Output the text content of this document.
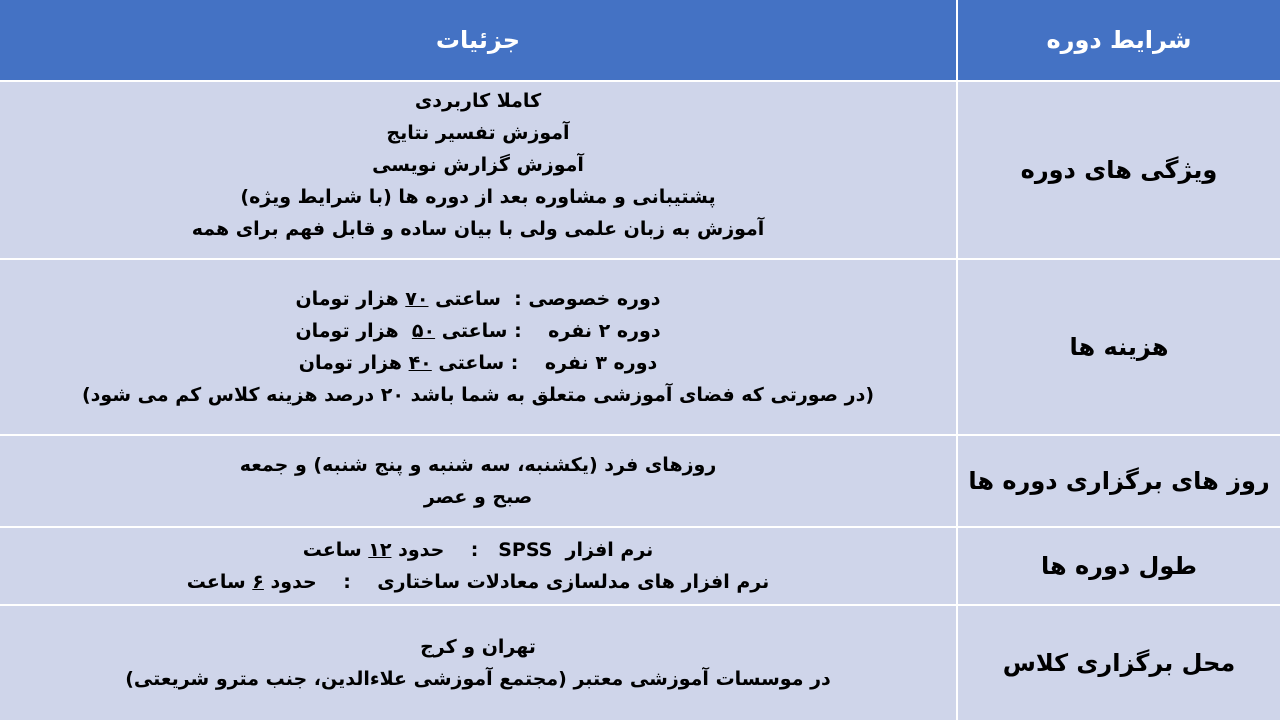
شرایط دوره
جزئیات
ویژگی های دوره
کاملا کاربردی
آموزش تفسیر نتایج
آموزش گزارش نویسی
پشتیبانی و مشاوره بعد از دوره ها (با شرایط ویژه)
آموزش به زبان علمی ولی با بیان ساده و قابل فهم برای همه
هزینه ها
دوره خصوصی :  ساعتی ۷۰ هزار تومان
دوره ۲ نفره    : ساعتی ۵۰  هزار تومان
دوره ۳ نفره    : ساعتی ۴۰ هزار تومان
(در صورتی که فضای آموزشی متعلق به شما باشد ۲۰ درصد هزینه کلاس کم می شود)
روز های برگزاری دوره ها
روزهای فرد (یکشنبه، سه شنبه و پنج شنبه) و جمعه
صبح و عصر
طول دوره ها
نرم افزار  SPSS   :    حدود ۱۲ ساعت
نرم افزار های مدلسازی معادلات ساختاری    :    حدود ۶ ساعت
محل برگزاری کلاس
تهران و کرج
در موسسات آموزشی معتبر (مجتمع آموزشی علاءالدین، جنب مترو شریعتی)
